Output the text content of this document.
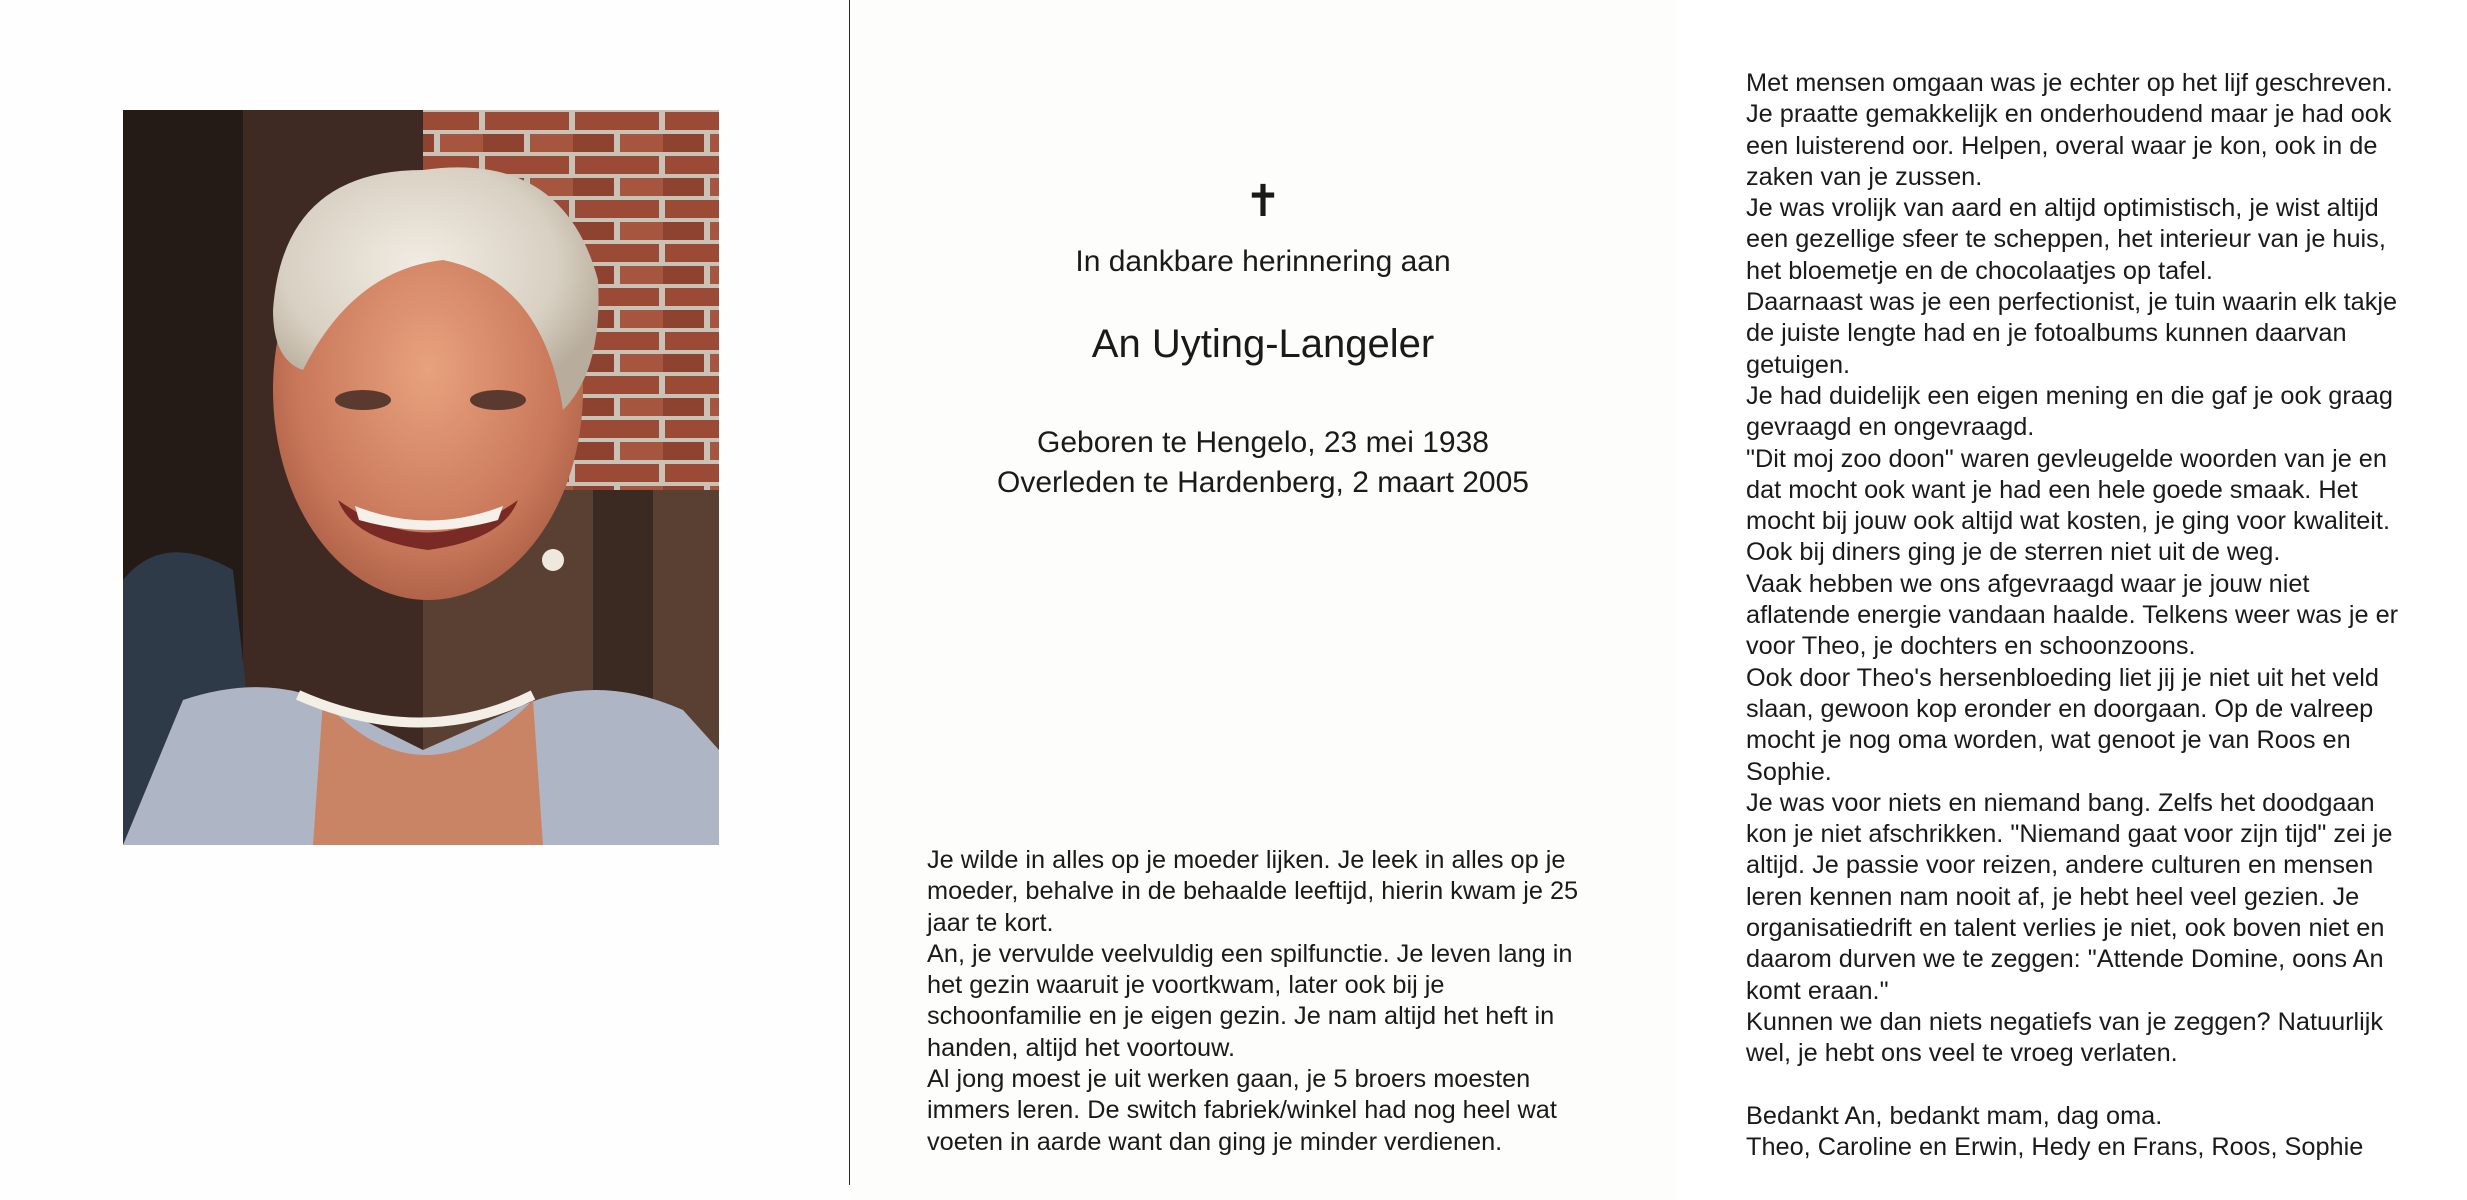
✝
In dankbare herinnering aan
An Uyting-Langeler
Geboren te Hengelo, 23 mei 1938
Overleden te Hardenberg, 2 maart 2005
Je wilde in alles op je moeder lijken. Je leek in alles op je
moeder, behalve in de behaalde leeftijd, hierin kwam je 25
jaar te kort.
An, je vervulde veelvuldig een spilfunctie. Je leven lang in
het gezin waaruit je voortkwam, later ook bij je
schoonfamilie en je eigen gezin. Je nam altijd het heft in
handen, altijd het voortouw.
Al jong moest je uit werken gaan, je 5 broers moesten
immers leren. De switch fabriek/winkel had nog heel wat
voeten in aarde want dan ging je minder verdienen.
Met mensen omgaan was je echter op het lijf geschreven.
Je praatte gemakkelijk en onderhoudend maar je had ook
een luisterend oor. Helpen, overal waar je kon, ook in de
zaken van je zussen.
Je was vrolijk van aard en altijd optimistisch, je wist altijd
een gezellige sfeer te scheppen, het interieur van je huis,
het bloemetje en de chocolaatjes op tafel.
Daarnaast was je een perfectionist, je tuin waarin elk takje
de juiste lengte had en je fotoalbums kunnen daarvan
getuigen.
Je had duidelijk een eigen mening en die gaf je ook graag
gevraagd en ongevraagd.
"Dit moj zoo doon" waren gevleugelde woorden van je en
dat mocht ook want je had een hele goede smaak. Het
mocht bij jouw ook altijd wat kosten, je ging voor kwaliteit.
Ook bij diners ging je de sterren niet uit de weg.
Vaak hebben we ons afgevraagd waar je jouw niet
aflatende energie vandaan haalde. Telkens weer was je er
voor Theo, je dochters en schoonzoons.
Ook door Theo's hersenbloeding liet jij je niet uit het veld
slaan, gewoon kop eronder en doorgaan. Op de valreep
mocht je nog oma worden, wat genoot je van Roos en
Sophie.
Je was voor niets en niemand bang. Zelfs het doodgaan
kon je niet afschrikken. "Niemand gaat voor zijn tijd" zei je
altijd. Je passie voor reizen, andere culturen en mensen
leren kennen nam nooit af, je hebt heel veel gezien. Je
organisatiedrift en talent verlies je niet, ook boven niet en
daarom durven we te zeggen: "Attende Domine, oons An
komt eraan."
Kunnen we dan niets negatiefs van je zeggen? Natuurlijk
wel, je hebt ons veel te vroeg verlaten.
Bedankt An, bedankt mam, dag oma.
Theo, Caroline en Erwin, Hedy en Frans, Roos, Sophie
